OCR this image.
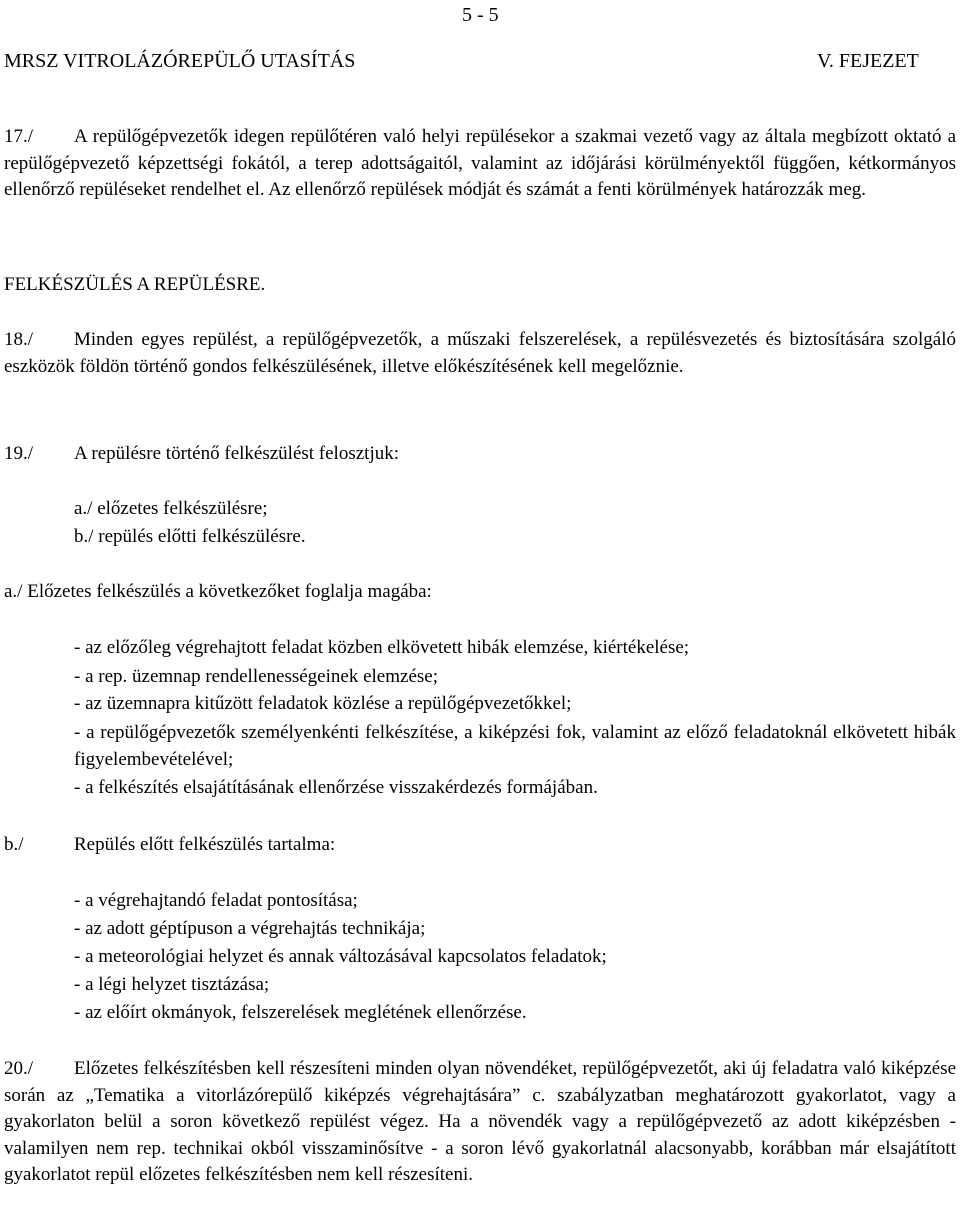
5 - 5
MRSZ VITROLÁZÓREPÜLŐ UTASÍTÁS	V. FEJEZET
17./ A repülőgépvezetők idegen repülőtéren való helyi repülésekor a szakmai vezető vagy az általa megbízott oktató a repülőgépvezető képzettségi fokától, a terep adottságaitól, valamint az időjárási körülményektől függően, kétkormányos ellenőrző repüléseket rendelhet el. Az ellenőrző repülések módját és számát a fenti körülmények határozzák meg.
FELKÉSZÜLÉS A REPÜLÉSRE.
18./ Minden egyes repülést, a repülőgépvezetők, a műszaki felszerelések, a repülésvezetés és biztosítására szolgáló eszközök földön történő gondos felkészülésének, illetve előkészítésének kell megelőznie.
19./ A repülésre történő felkészülést felosztjuk:
a./ előzetes felkészülésre;
b./ repülés előtti felkészülésre.
a./ Előzetes felkészülés a következőket foglalja magába:
- az előzőleg végrehajtott feladat közben elkövetett hibák elemzése, kiértékelése;
- a rep. üzemnap rendellenességeinek elemzése;
- az üzemnapra kitűzött feladatok közlése a repülőgépvezetőkkel;
- a repülőgépvezetők személyenkénti felkészítése, a kiképzési fok, valamint az előző feladatoknál elkövetett hibák figyelembevételével;
- a felkészítés elsajátításának ellenőrzése visszakérdezés formájában.
b./	Repülés előtt felkészülés tartalma:
- a végrehajtandó feladat pontosítása;
- az adott géptípuson a végrehajtás technikája;
- a meteorológiai helyzet és annak változásával kapcsolatos feladatok;
- a légi helyzet tisztázása;
- az előírt okmányok, felszerelések meglétének ellenőrzése.
20./ Előzetes felkészítésben kell részesíteni minden olyan növendéket, repülőgépvezetőt, aki új feladatra való kiképzése során az „Tematika a vitorlázórepülő kiképzés végrehajtására” c. szabályzatban meghatározott gyakorlatot, vagy a gyakorlaton belül a soron következő repülést végez. Ha a növendék vagy a repülőgépvezető az adott kiképzésben - valamilyen nem rep. technikai okból visszaminősítve - a soron lévő gyakorlatnál alacsonyabb, korábban már elsajátított gyakorlatot repül előzetes felkészítésben nem kell részesíteni.
